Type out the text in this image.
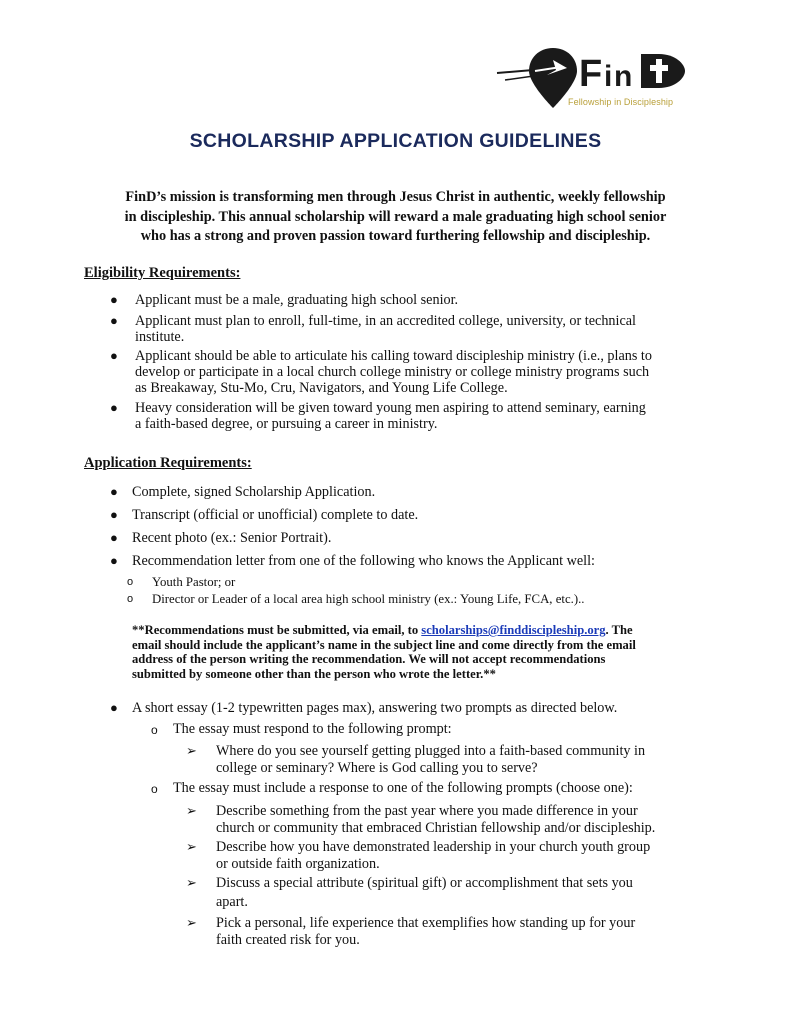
F i n
Fellowship in Discipleship
SCHOLARSHIP APPLICATION GUIDELINES
FinD’s mission is transforming men through Jesus Christ in authentic, weekly fellowship
in discipleship. This annual scholarship will reward a male graduating high school senior
who has a strong and proven passion toward furthering fellowship and discipleship.
Eligibility Requirements:
● Applicant must be a male, graduating high school senior.
● Applicant must plan to enroll, full-time, in an accredited college, university, or technical
institute.
● Applicant should be able to articulate his calling toward discipleship ministry (i.e., plans to
develop or participate in a local church college ministry or college ministry programs such
as Breakaway, Stu-Mo, Cru, Navigators, and Young Life College.
● Heavy consideration will be given toward young men aspiring to attend seminary, earning
a faith-based degree, or pursuing a career in ministry.
Application Requirements:
● Complete, signed Scholarship Application.
● Transcript (official or unofficial) complete to date.
● Recent photo (ex.: Senior Portrait).
● Recommendation letter from one of the following who knows the Applicant well:
o Youth Pastor; or
o Director or Leader of a local area high school ministry (ex.: Young Life, FCA, etc.)..
**Recommendations must be submitted, via email, to scholarships@finddiscipleship.org. The
email should include the applicant’s name in the subject line and come directly from the email
address of the person writing the recommendation. We will not accept recommendations
submitted by someone other than the person who wrote the letter.**
● A short essay (1-2 typewritten pages max), answering two prompts as directed below.
o The essay must respond to the following prompt:
➢ Where do you see yourself getting plugged into a faith-based community in
college or seminary? Where is God calling you to serve?
o The essay must include a response to one of the following prompts (choose one):
➢ Describe something from the past year where you made difference in your
church or community that embraced Christian fellowship and/or discipleship.
➢ Describe how you have demonstrated leadership in your church youth group
or outside faith organization.
➢ Discuss a special attribute (spiritual gift) or accomplishment that sets you
apart.
➢ Pick a personal, life experience that exemplifies how standing up for your
faith created risk for you.
